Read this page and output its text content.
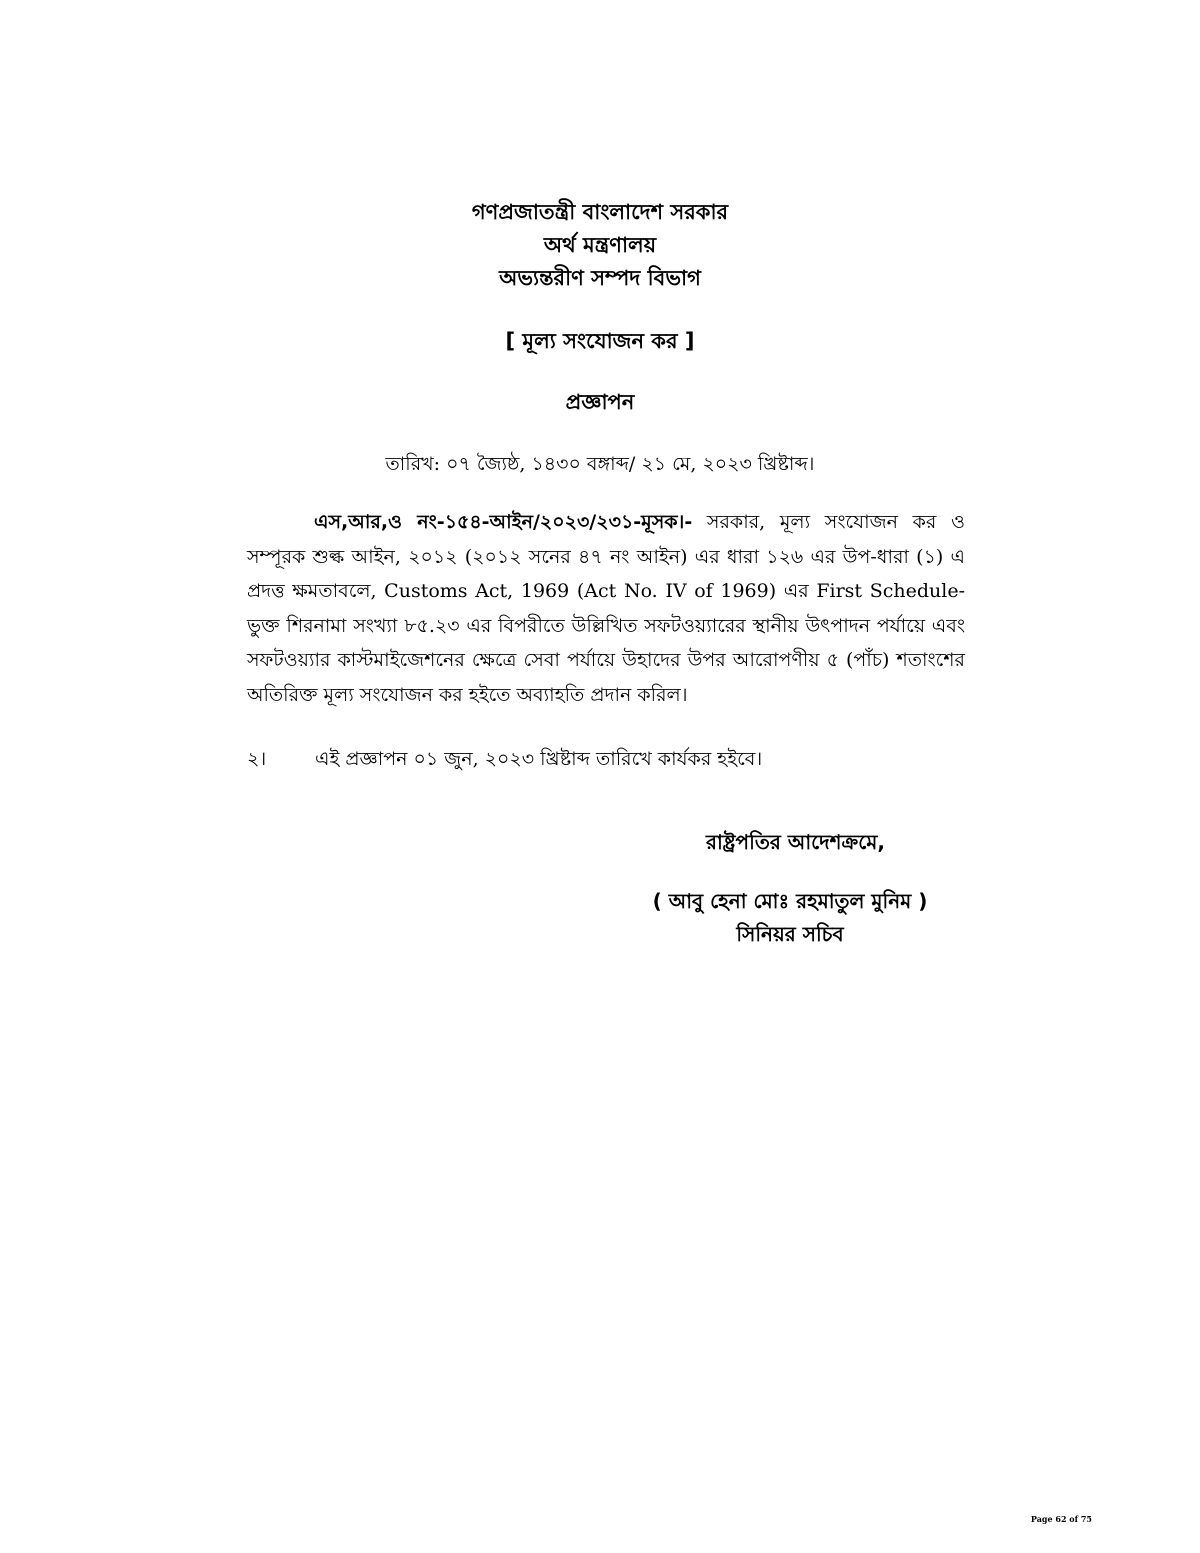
গণপ্রজাতন্ত্রী বাংলাদেশ সরকার
অর্থ মন্ত্রণালয়
অভ্যন্তরীণ সম্পদ বিভাগ
[ মূল্য সংযোজন কর ]
প্রজ্ঞাপন
তারিখ: ০৭ জ্যৈষ্ঠ, ১৪৩০ বঙ্গাব্দ/ ২১ মে, ২০২৩ খ্রিষ্টাব্দ।
এস,আর,ও নং-১৫৪-আইন/২০২৩/২৩১-মূসক।- সরকার, মূল্য সংযোজন কর ও সম্পূরক শুল্ক আইন, ২০১২ (২০১২ সনের ৪৭ নং আইন) এর ধারা ১২৬ এর উপ-ধারা (১) এ প্রদত্ত ক্ষমতাবলে, Customs Act, 1969 (Act No. IV of 1969) এর First Schedule-ভুক্ত শিরনামা সংখ্যা ৮৫.২৩ এর বিপরীতে উল্লিখিত সফটওয়্যারের স্থানীয় উৎপাদন পর্যায়ে এবং সফটওয়্যার কাস্টমাইজেশনের ক্ষেত্রে সেবা পর্যায়ে উহাদের উপর আরোপণীয় ৫ (পাঁচ) শতাংশের অতিরিক্ত মূল্য সংযোজন কর হইতে অব্যাহতি প্রদান করিল।
২।	এই প্রজ্ঞাপন ০১ জুন, ২০২৩ খ্রিষ্টাব্দ তারিখে কার্যকর হইবে।
রাষ্ট্রপতির আদেশক্রমে,
( আবু হেনা মোঃ রহমাতুল মুনিম )
সিনিয়র সচিব
Page 62 of 75
